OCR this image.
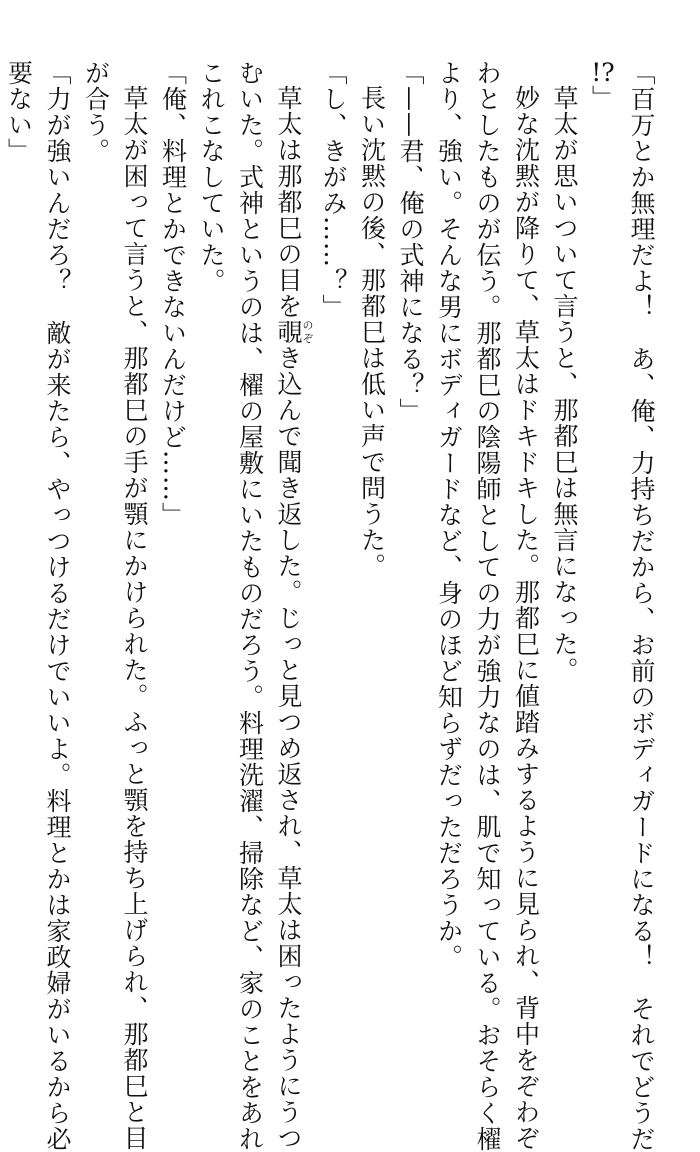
「百万とか無理だよ！　あ、俺、力持ちだから、お前のボディガードになる！　それでどうだ
!?」
草太が思いついて言うと、那都巳は無言になった。
妙な沈黙が降りて、草太はドキドキした。那都巳に値踏みするように見られ、背中をぞわぞ
わとしたものが伝う。那都巳の陰陽師としての力が強力なのは、肌で知っている。おそらく櫂
より、強い。そんな男にボディガードなど、身のほど知らずだっただろうか。
「——君、俺の式神になる？」
長い沈黙の後、那都巳は低い声で問うた。
「し、きがみ……？」
草太は那都巳の目を覗のぞき込んで聞き返した。じっと見つめ返され、草太は困ったようにうつ
むいた。式神というのは、櫂の屋敷にいたものだろう。料理洗濯、掃除など、家のことをあれ
これこなしていた。
「俺、料理とかできないんだけど……」
草太が困って言うと、那都巳の手が顎にかけられた。ふっと顎を持ち上げられ、那都巳と目
が合う。
「力が強いんだろ？　敵が来たら、やっつけるだけでいいよ。料理とかは家政婦がいるから必
要ない」
